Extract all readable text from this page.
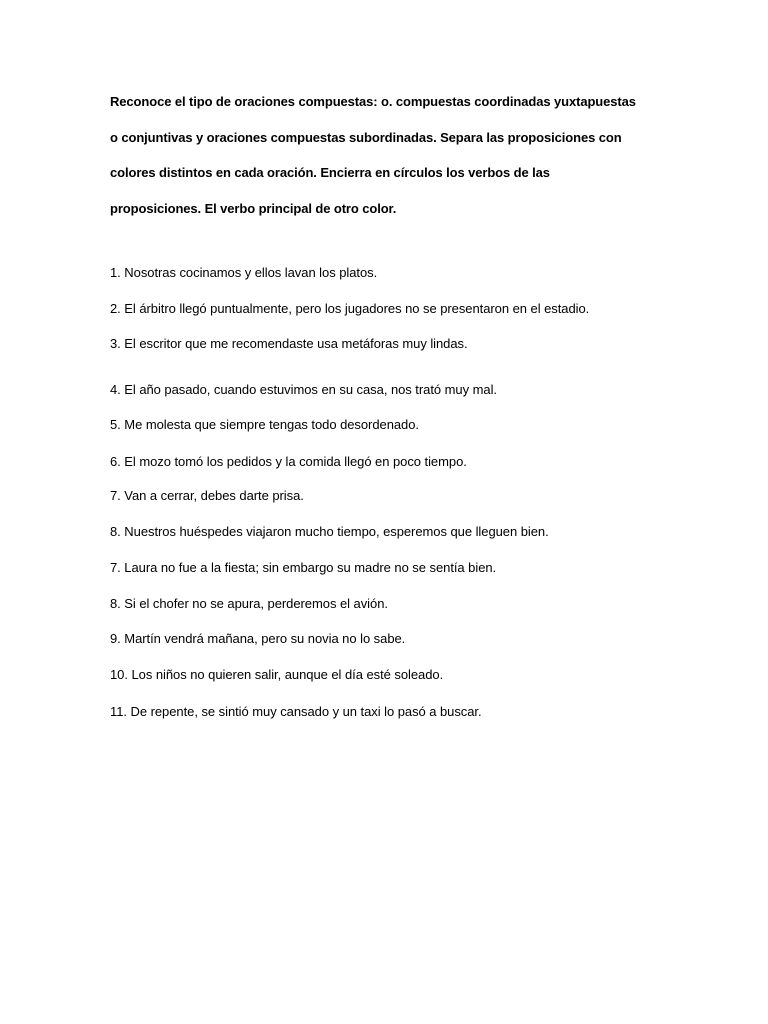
Reconoce el tipo de oraciones compuestas: o. compuestas coordinadas yuxtapuestas
o conjuntivas y oraciones compuestas subordinadas. Separa las proposiciones con
colores distintos en cada oración. Encierra en círculos los verbos de las
proposiciones. El verbo principal de otro color.
1. Nosotras cocinamos y ellos lavan los platos.
2. El árbitro llegó puntualmente, pero los jugadores no se presentaron en el estadio.
3. El escritor que me recomendaste usa metáforas muy lindas.
4. El año pasado, cuando estuvimos en su casa, nos trató muy mal.
5. Me molesta que siempre tengas todo desordenado.
6. El mozo tomó los pedidos y la comida llegó en poco tiempo.
7. Van a cerrar, debes darte prisa.
8. Nuestros huéspedes viajaron mucho tiempo, esperemos que lleguen bien.
7. Laura no fue a la fiesta; sin embargo su madre no se sentía bien.
8. Si el chofer no se apura, perderemos el avión.
9. Martín vendrá mañana, pero su novia no lo sabe.
10. Los niños no quieren salir, aunque el día esté soleado.
11. De repente, se sintió muy cansado y un taxi lo pasó a buscar.
